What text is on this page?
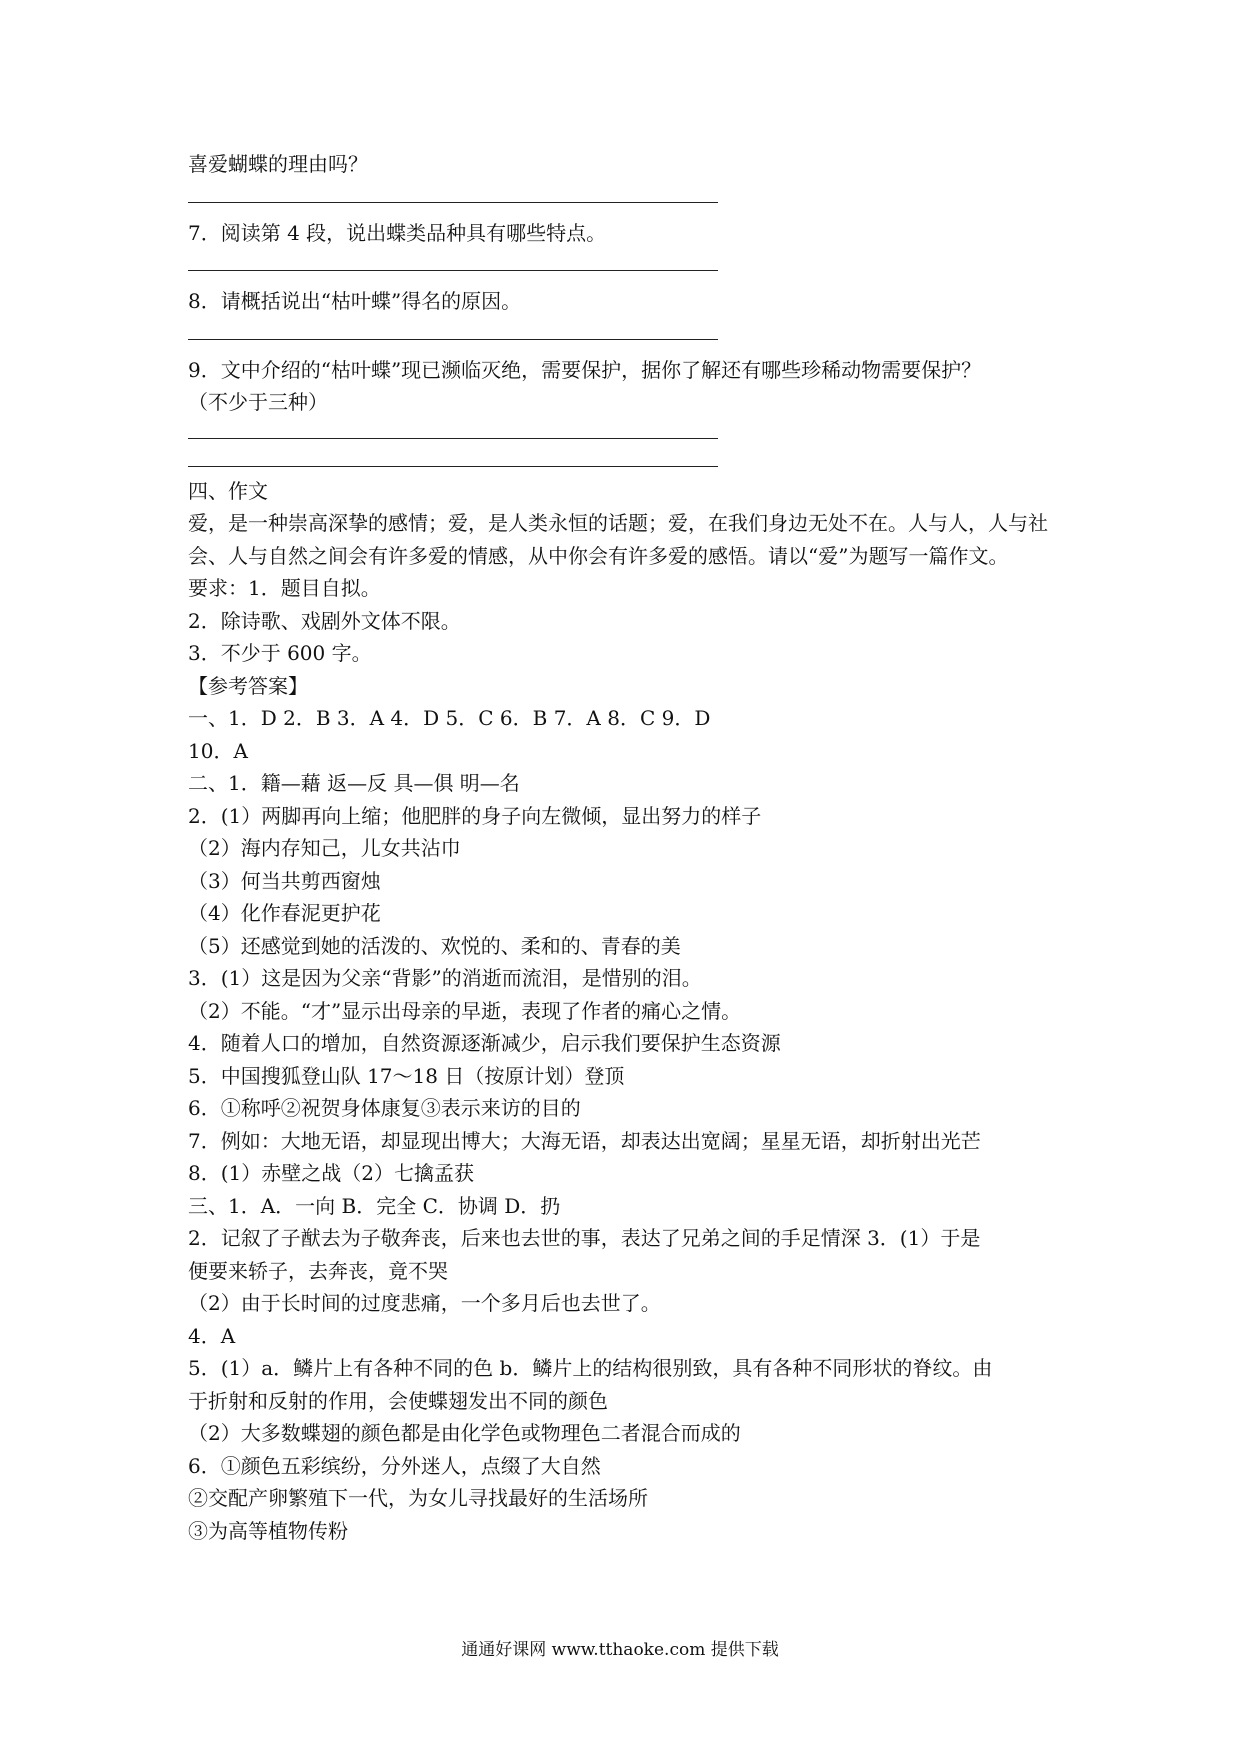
喜爱蝴蝶的理由吗？
7．阅读第 4 段，说出蝶类品种具有哪些特点。
8．请概括说出“枯叶蝶”得名的原因。
9．文中介绍的“枯叶蝶”现已濒临灭绝，需要保护，据你了解还有哪些珍稀动物需要保护？
（不少于三种）
四、作文
爱，是一种崇高深挚的感情；爱，是人类永恒的话题；爱，在我们身边无处不在。人与人，人与社会、人与自然之间会有许多爱的情感，从中你会有许多爱的感悟。请以“爱”为题写一篇作文。
要求：1．题目自拟。
2．除诗歌、戏剧外文体不限。
3．不少于 600 字。
【参考答案】
一、1．D 2．B 3．A 4．D 5．C 6．B 7．A 8．C 9．D
10．A
二、1．籍—藉 返—反 具—俱 明—名
2．(1）两脚再向上缩；他肥胖的身子向左微倾，显出努力的样子
（2）海内存知己，儿女共沾巾
（3）何当共剪西窗烛
（4）化作春泥更护花
（5）还感觉到她的活泼的、欢悦的、柔和的、青春的美
3．(1）这是因为父亲“背影”的消逝而流泪，是惜别的泪。
（2）不能。“才”显示出母亲的早逝，表现了作者的痛心之情。
4．随着人口的增加，自然资源逐渐减少，启示我们要保护生态资源
5．中国搜狐登山队 17～18 日（按原计划）登顶
6．①称呼②祝贺身体康复③表示来访的目的
7．例如：大地无语，却显现出博大；大海无语，却表达出宽阔；星星无语，却折射出光芒
8．(1）赤壁之战（2）七擒孟获
三、1．A．一向 B．完全 C．协调 D．扔
2．记叙了子猷去为子敬奔丧，后来也去世的事，表达了兄弟之间的手足情深 3．(1）于是
便要来轿子，去奔丧，竟不哭
（2）由于长时间的过度悲痛，一个多月后也去世了。
4．A
5．(1）a．鳞片上有各种不同的色 b．鳞片上的结构很别致，具有各种不同形状的脊纹。由
于折射和反射的作用，会使蝶翅发出不同的颜色
（2）大多数蝶翅的颜色都是由化学色或物理色二者混合而成的
6．①颜色五彩缤纷，分外迷人，点缀了大自然
②交配产卵繁殖下一代，为女儿寻找最好的生活场所
③为高等植物传粉
通通好课网 www.tthaoke.com 提供下载
